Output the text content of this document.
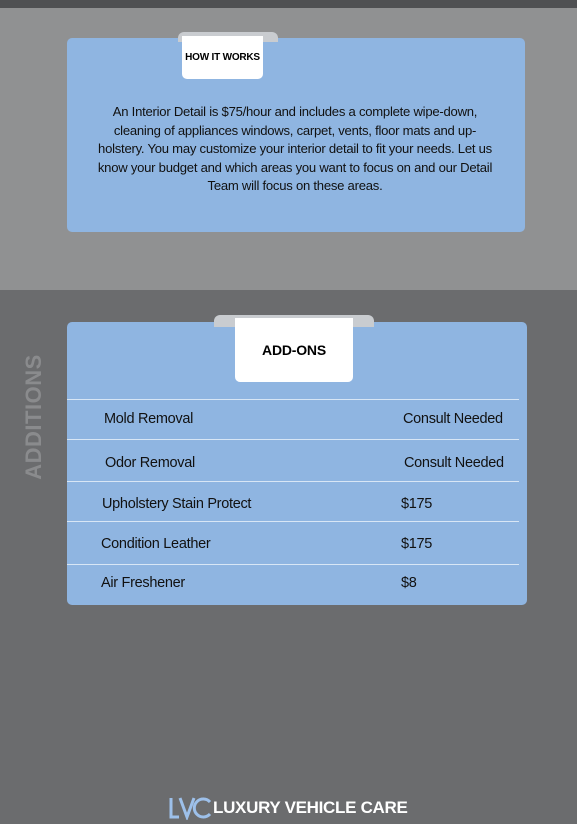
HOW IT WORKS
An Interior Detail is $75/hour and includes a complete wipe-down, cleaning of appliances windows, carpet, vents, floor mats and up-holstery. You may customize your interior detail to fit your needs. Let us know your budget and which areas you want to focus on and our Detail Team will focus on these areas.
ADDITIONS
ADD-ONS
Mold Removal	Consult Needed
Odor Removal	Consult Needed
Upholstery Stain Protect	$175
Condition Leather	$175
Air Freshener	$8
LUXURY VEHICLE CARE
